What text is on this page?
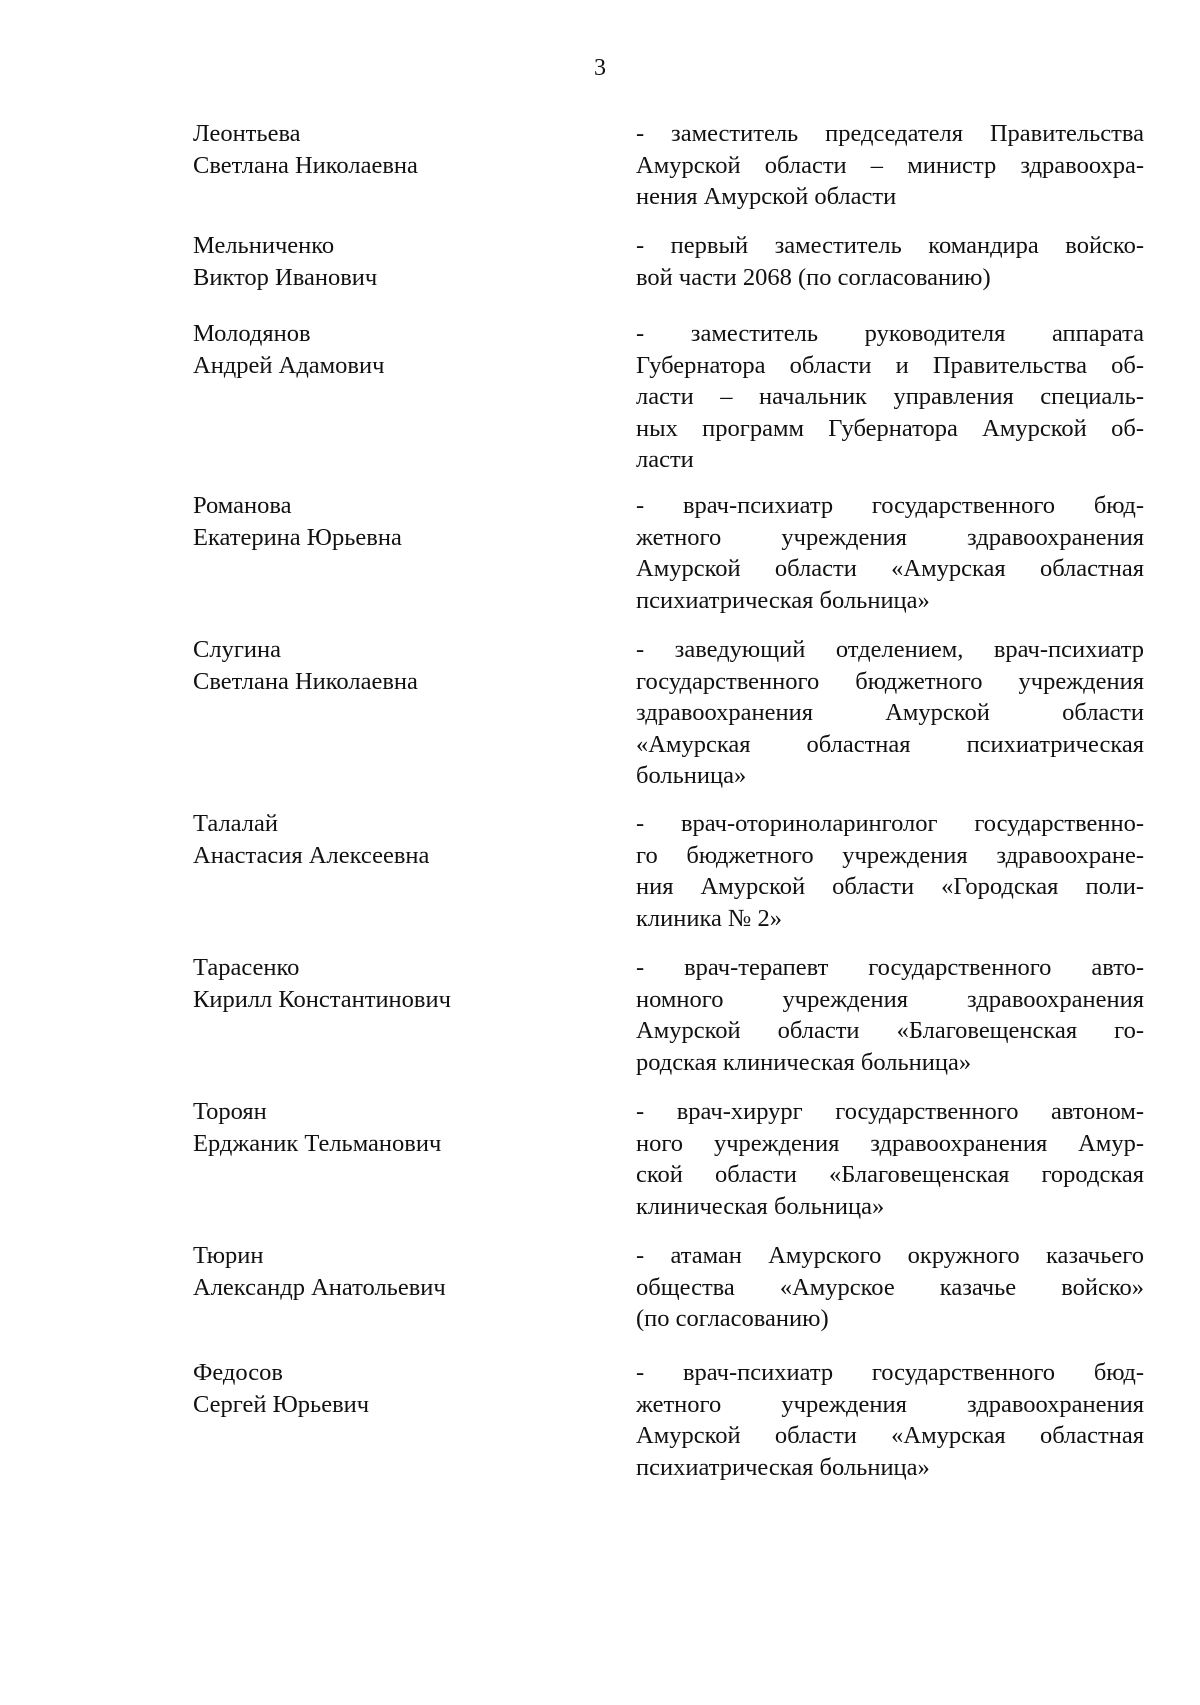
3
Леонтьева
Светлана Николаевна
- заместитель председателя Правительства
Амурской области – министр здравоохра-
нения Амурской области
Мельниченко
Виктор Иванович
- первый заместитель командира войско-
вой части 2068 (по согласованию)
Молодянов
Андрей Адамович
- заместитель руководителя аппарата
Губернатора области и Правительства об-
ласти – начальник управления специаль-
ных программ Губернатора Амурской об-
ласти
Романова
Екатерина Юрьевна
- врач-психиатр государственного бюд-
жетного учреждения здравоохранения
Амурской области «Амурская областная
психиатрическая больница»
Слугина
Светлана Николаевна
- заведующий отделением, врач-психиатр
государственного бюджетного учреждения
здравоохранения Амурской области
«Амурская областная психиатрическая
больница»
Талалай
Анастасия Алексеевна
- врач-оториноларинголог государственно-
го бюджетного учреждения здравоохране-
ния Амурской области «Городская поли-
клиника № 2»
Тарасенко
Кирилл Константинович
- врач-терапевт государственного авто-
номного учреждения здравоохранения
Амурской области «Благовещенская го-
родская клиническая больница»
Тороян
Ерджаник Тельманович
- врач-хирург государственного автоном-
ного учреждения здравоохранения Амур-
ской области «Благовещенская городская
клиническая больница»
Тюрин
Александр Анатольевич
- атаман Амурского окружного казачьего
общества «Амурское казачье войско»
(по согласованию)
Федосов
Сергей Юрьевич
- врач-психиатр государственного бюд-
жетного учреждения здравоохранения
Амурской области «Амурская областная
психиатрическая больница»
